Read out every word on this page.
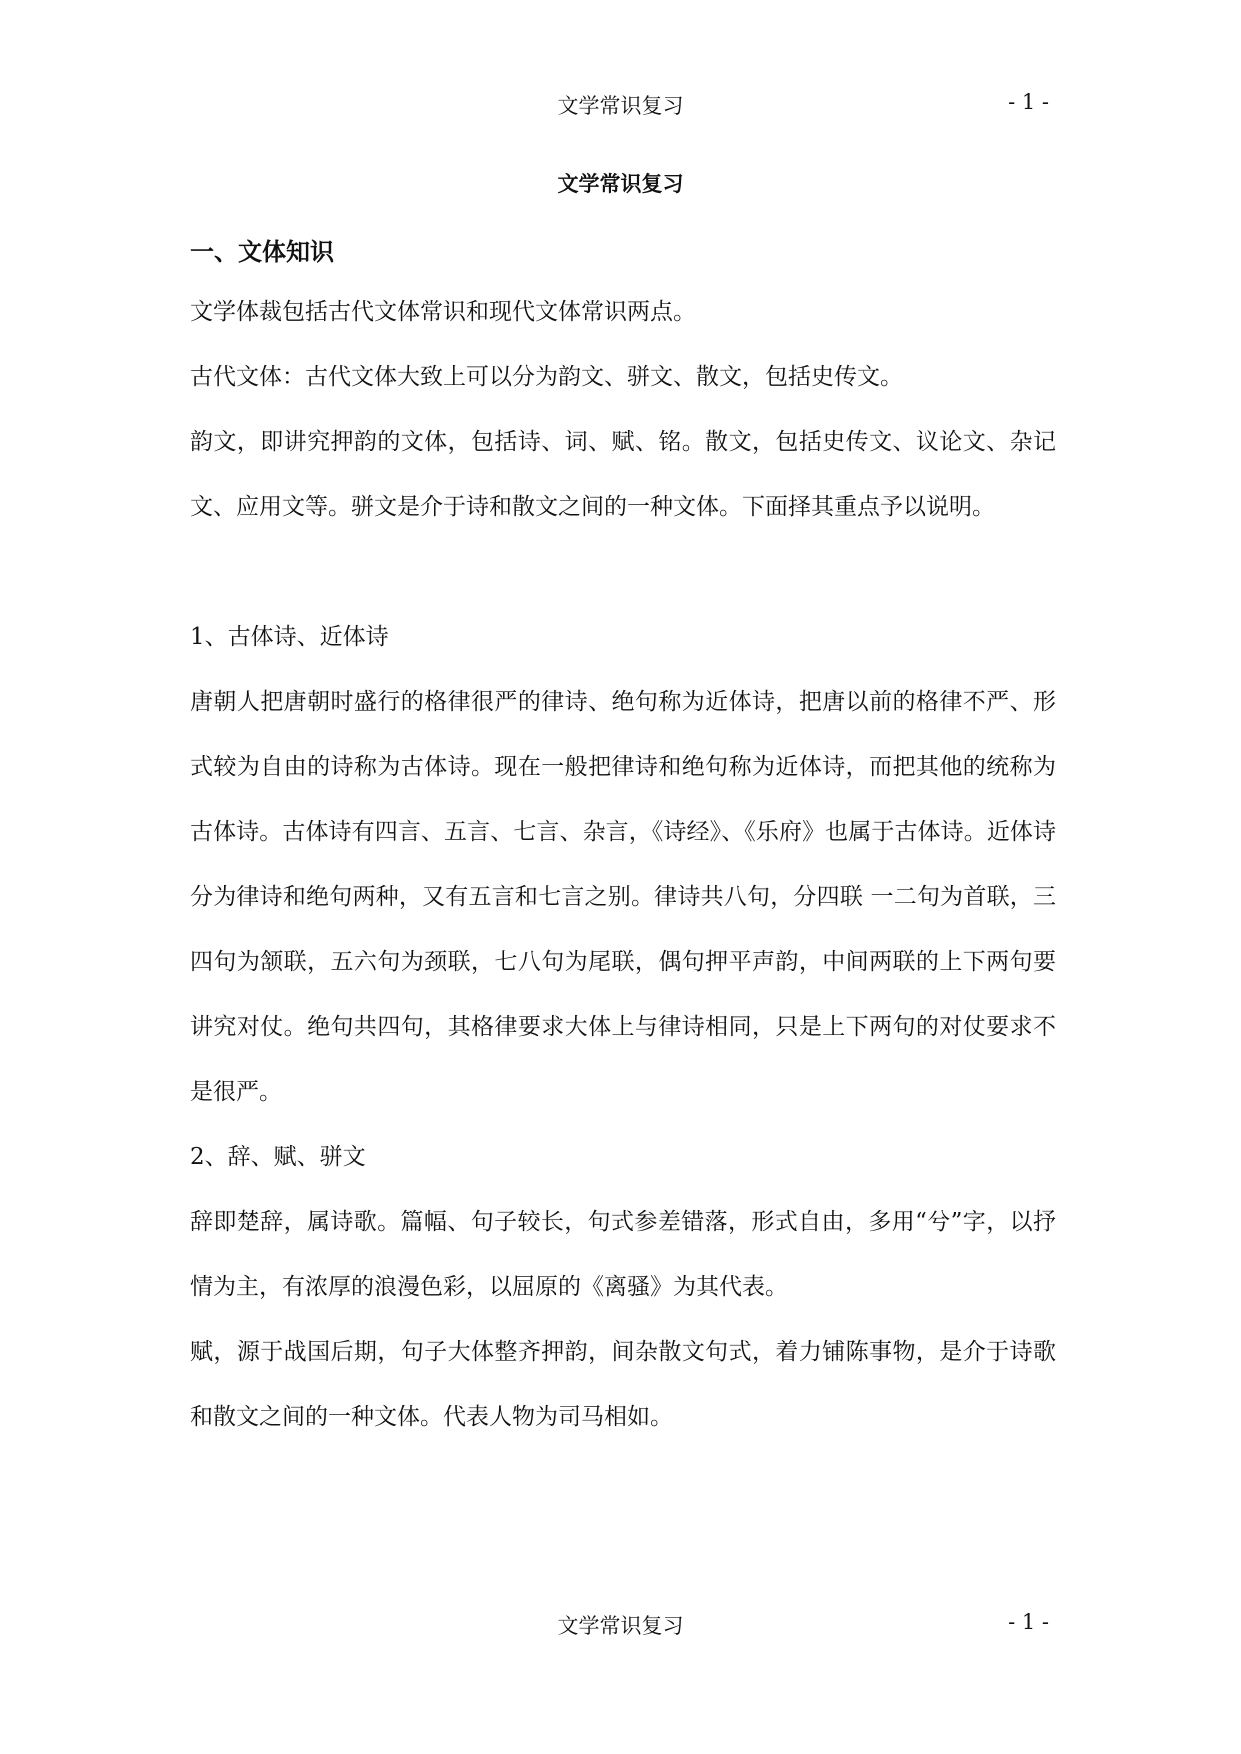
文学常识复习	- 1 -
文学常识复习
一、文体知识

文学体裁包括古代文体常识和现代文体常识两点。

古代文体：古代文体大致上可以分为韵文、骈文、散文，包括史传文。

韵文，即讲究押韵的文体，包括诗、词、赋、铭。散文，包括史传文、议论文、杂记文、应用文等。骈文是介于诗和散文之间的一种文体。下面择其重点予以说明。

1、古体诗、近体诗

唐朝人把唐朝时盛行的格律很严的律诗、绝句称为近体诗，把唐以前的格律不严、形式较为自由的诗称为古体诗。现在一般把律诗和绝句称为近体诗，而把其他的统称为古体诗。古体诗有四言、五言、七言、杂言，《诗经》、《乐府》也属于古体诗。近体诗分为律诗和绝句两种，又有五言和七言之别。律诗共八句，分四联 一二句为首联，三四句为颔联，五六句为颈联，七八句为尾联，偶句押平声韵，中间两联的上下两句要讲究对仗。绝句共四句，其格律要求大体上与律诗相同，只是上下两句的对仗要求不是很严。

2、辞、赋、骈文

辞即楚辞，属诗歌。篇幅、句子较长，句式参差错落，形式自由，多用“兮”字，以抒情为主，有浓厚的浪漫色彩，以屈原的《离骚》为其代表。

赋，源于战国后期，句子大体整齐押韵，间杂散文句式，着力铺陈事物，是介于诗歌和散文之间的一种文体。代表人物为司马相如。

文学常识复习	- 1 -
